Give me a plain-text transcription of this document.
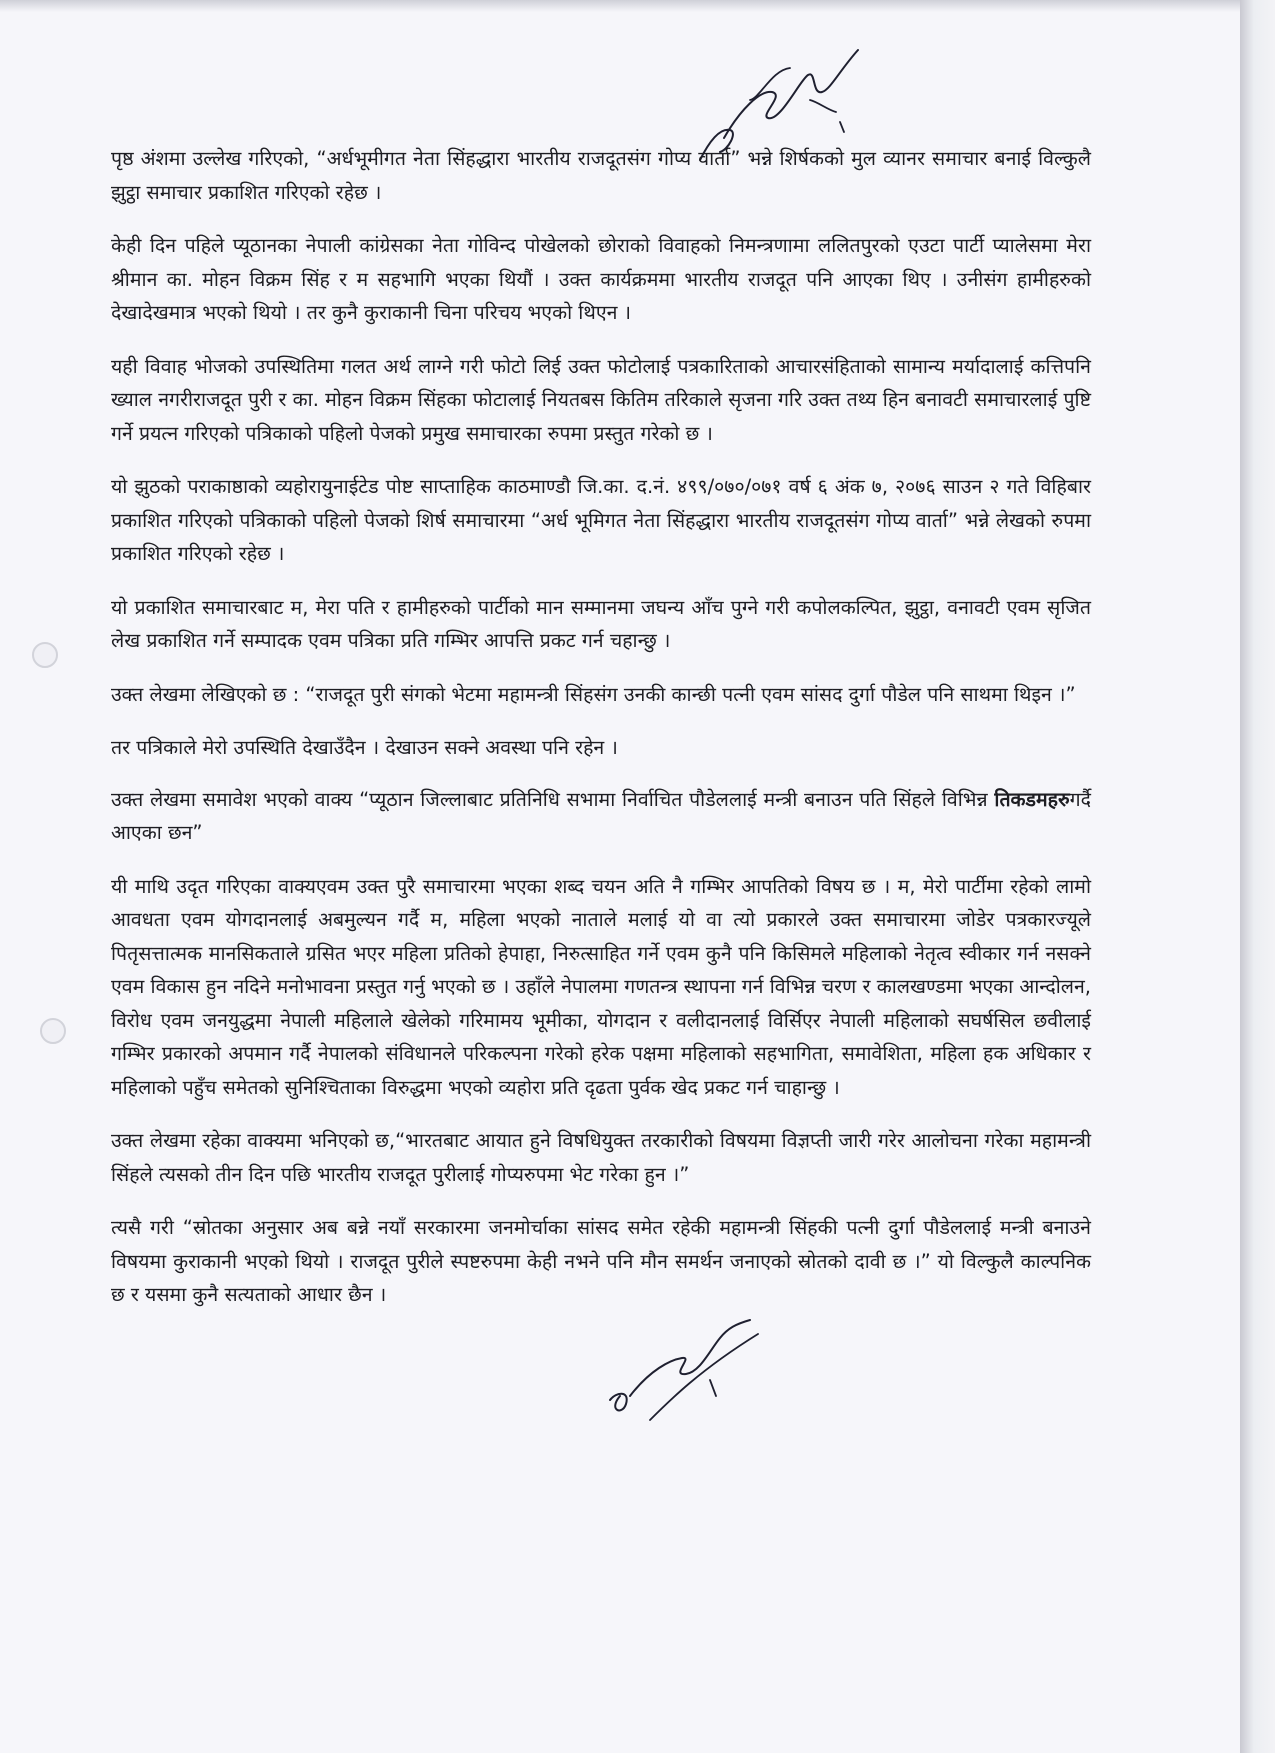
पृष्ठ अंशमा उल्लेख गरिएको, “अर्धभूमीगत नेता सिंहद्धारा भारतीय राजदूतसंग गोप्य वार्ता” भन्ने शिर्षकको मुल व्यानर समाचार बनाई विल्कुलै झुट्ठा समाचार प्रकाशित गरिएको रहेछ ।

केही दिन पहिले प्यूठानका नेपाली कांग्रेसका नेता गोविन्द पोखेलको छोराको विवाहको निमन्त्रणामा ललितपुरको एउटा पार्टी प्यालेसमा मेरा श्रीमान का. मोहन विक्रम सिंह र म सहभागि भएका थियौं । उक्त कार्यक्रममा भारतीय राजदूत पनि आएका थिए । उनीसंग हामीहरुको देखादेखमात्र भएको थियो । तर कुनै कुराकानी चिना परिचय भएको थिएन ।

यही विवाह भोजको उपस्थितिमा गलत अर्थ लाग्ने गरी फोटो लिई उक्त फोटोलाई पत्रकारिताको आचारसंहिताको सामान्य मर्यादालाई कत्तिपनि ख्याल नगरीराजदूत पुरी र का. मोहन विक्रम सिंहका फोटालाई नियतबस कितिम तरिकाले सृजना गरि उक्त तथ्य हिन बनावटी समाचारलाई पुष्टि गर्ने प्रयत्न गरिएको पत्रिकाको पहिलो पेजको प्रमुख समाचारका रुपमा प्रस्तुत गरेको छ ।

यो झुठको पराकाष्ठाको व्यहोरायुनाईटेड पोष्ट साप्ताहिक काठमाण्डौ जि.का. द.नं. ४९९/०७०/०७१ वर्ष ६ अंक ७, २०७६ साउन २ गते विहिबार प्रकाशित गरिएको पत्रिकाको पहिलो पेजको शिर्ष समाचारमा “अर्ध भूमिगत नेता सिंहद्धारा भारतीय राजदूतसंग गोप्य वार्ता” भन्ने लेखको रुपमा प्रकाशित गरिएको रहेछ ।

यो प्रकाशित समाचारबाट म, मेरा पति र हामीहरुको पार्टीको मान सम्मानमा जघन्य आँच पुग्ने गरी कपोलकल्पित, झुट्ठा, वनावटी एवम सृजित लेख प्रकाशित गर्ने सम्पादक एवम पत्रिका प्रति गम्भिर आपत्ति प्रकट गर्न चहान्छु ।

उक्त लेखमा लेखिएको छ : “राजदूत पुरी संगको भेटमा महामन्त्री सिंहसंग उनकी कान्छी पत्नी एवम सांसद दुर्गा पौडेल पनि साथमा थिइन ।”

तर पत्रिकाले मेरो उपस्थिति देखाउँदैन । देखाउन सक्ने अवस्था पनि रहेन ।

उक्त लेखमा समावेश भएको वाक्य “प्यूठान जिल्लाबाट प्रतिनिधि सभामा निर्वाचित पौडेललाई मन्त्री बनाउन पति सिंहले विभिन्न तिकडमहरुगर्दै आएका छन”

यी माथि उदृत गरिएका वाक्यएवम उक्त पुरै समाचारमा भएका शब्द चयन अति नै गम्भिर आपतिको विषय छ । म, मेरो पार्टीमा रहेको लामो आवधता एवम योगदानलाई अबमुल्यन गर्दै म, महिला भएको नाताले मलाई यो वा त्यो प्रकारले उक्त समाचारमा जोडेर पत्रकारज्यूले पितृसत्तात्मक मानसिकताले ग्रसित भएर महिला प्रतिको हेपाहा, निरुत्साहित गर्ने एवम कुनै पनि किसिमले महिलाको नेतृत्व स्वीकार गर्न नसक्ने एवम विकास हुन नदिने मनोभावना प्रस्तुत गर्नु भएको छ । उहाँले नेपालमा गणतन्त्र स्थापना गर्न विभिन्न चरण र कालखण्डमा भएका आन्दोलन, विरोध एवम जनयुद्धमा नेपाली महिलाले खेलेको गरिमामय भूमीका, योगदान र वलीदानलाई विर्सिएर नेपाली महिलाको सघर्षसिल छवीलाई गम्भिर प्रकारको अपमान गर्दै नेपालको संविधानले परिकल्पना गरेको हरेक पक्षमा महिलाको सहभागिता, समावेशिता, महिला हक अधिकार र महिलाको पहुँच समेतको सुनिश्चिताका विरुद्धमा भएको व्यहोरा प्रति दृढता पुर्वक खेद प्रकट गर्न चाहान्छु ।

उक्त लेखमा रहेका वाक्यमा भनिएको छ,“भारतबाट आयात हुने विषधियुक्त तरकारीको विषयमा विज्ञप्ती जारी गरेर आलोचना गरेका महामन्त्री सिंहले त्यसको तीन दिन पछि भारतीय राजदूत पुरीलाई गोप्यरुपमा भेट गरेका हुन ।”

त्यसै गरी “स्रोतका अनुसार अब बन्ने नयाँ सरकारमा जनमोर्चाका सांसद समेत रहेकी महामन्त्री सिंहकी पत्नी दुर्गा पौडेललाई मन्त्री बनाउने विषयमा कुराकानी भएको थियो । राजदूत पुरीले स्पष्टरुपमा केही नभने पनि मौन समर्थन जनाएको स्रोतको दावी छ ।” यो विल्कुलै काल्पनिक छ र यसमा कुनै सत्यताको आधार छैन ।
